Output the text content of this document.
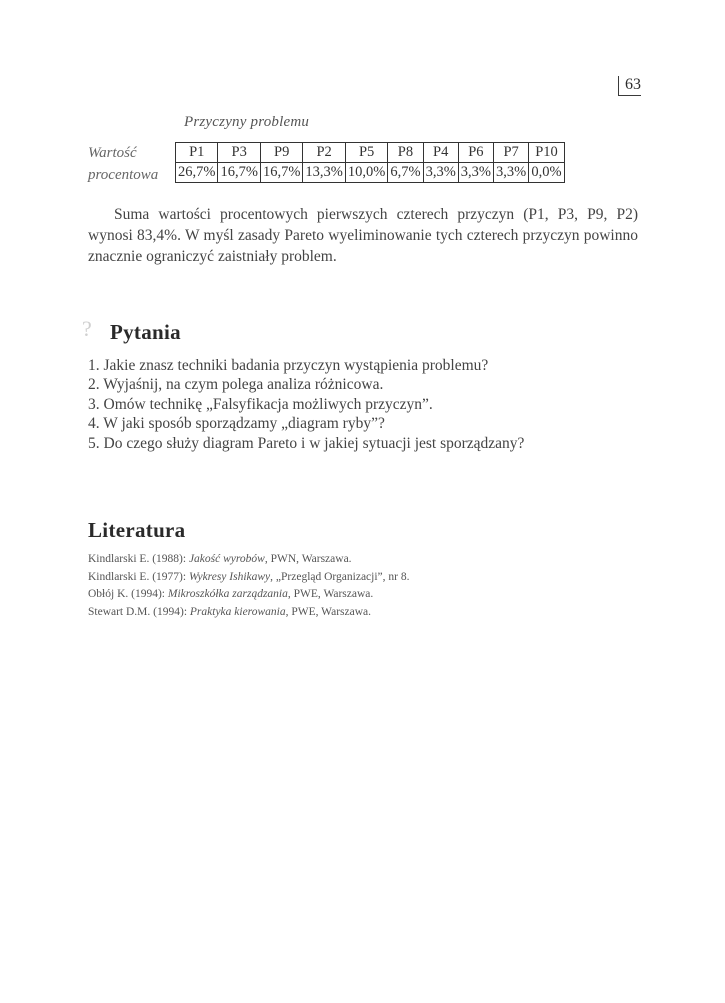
63
Przyczyny problemu
Wartość
procentowa
P1	P3	P9	P2	P5	P8	P4	P6	P7	P10
26,7%	16,7%	16,7%	13,3%	10,0%	6,7%	3,3%	3,3%	3,3%	0,0%
Suma wartości procentowych pierwszych czterech przyczyn (P1, P3, P9, P2) wynosi 83,4%. W myśl zasady Pareto wyeliminowanie tych czterech przyczyn powinno znacznie ograniczyć zaistniały problem.
? Pytania
1. Jakie znasz techniki badania przyczyn wystąpienia problemu?
2. Wyjaśnij, na czym polega analiza różnicowa.
3. Omów technikę „Falsyfikacja możliwych przyczyn”.
4. W jaki sposób sporządzamy „diagram ryby”?
5. Do czego służy diagram Pareto i w jakiej sytuacji jest sporządzany?
Literatura
Kindlarski E. (1988): Jakość wyrobów, PWN, Warszawa.
Kindlarski E. (1977): Wykresy Ishikawy, „Przegląd Organizacji”, nr 8.
Obłój K. (1994): Mikroszkółka zarządzania, PWE, Warszawa.
Stewart D.M. (1994): Praktyka kierowania, PWE, Warszawa.
